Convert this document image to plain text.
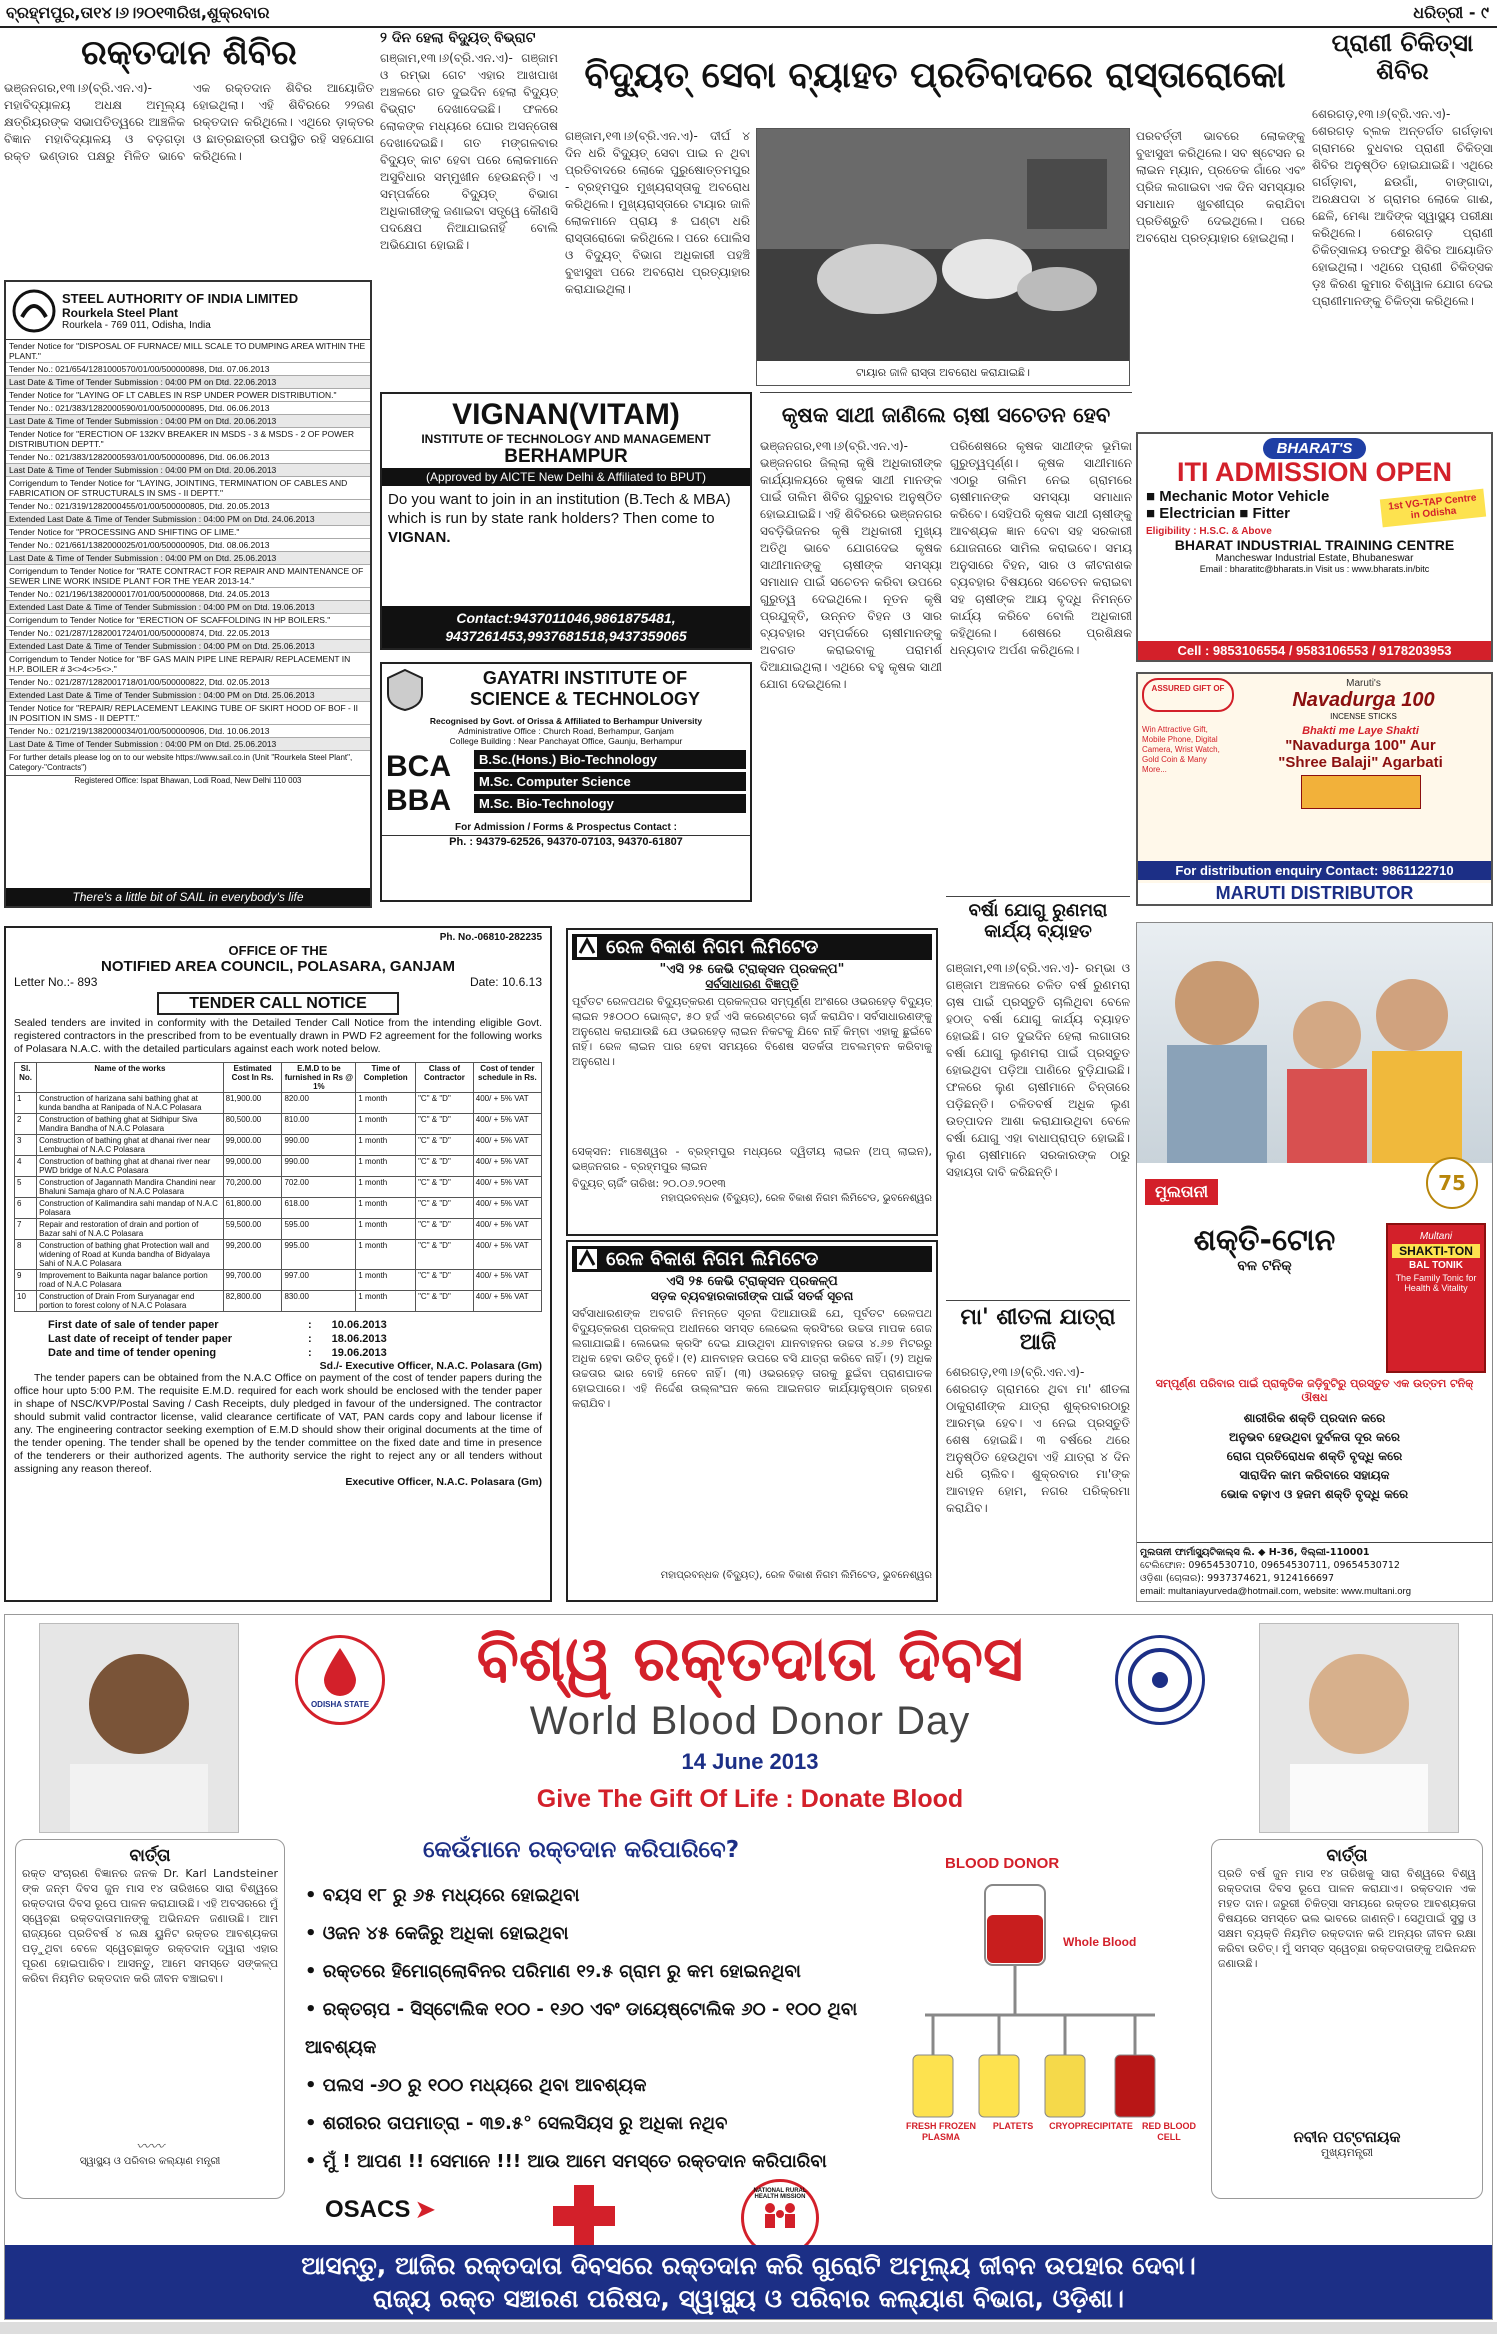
ବ୍ରହ୍ମପୁର,ତା୧୪।୬।୨୦୧୩ରିଖ,ଶୁକ୍ରବାର	ଧରିତ୍ରୀ - ୯
ରକ୍ତଦାନ ଶିବିର
ଭଞ୍ଜନଗର,୧୩।୬(ବ୍ରି.ଏନ.ଏ)- ମହାବିଦ୍ୟାଳୟ ଅଧକ୍ଷ ଅମୂଲ୍ୟ କ୍ଷତ୍ରିୟରଙ୍କ ସଭାପତିତ୍ୱରେ ଆଞ୍ଚଳିକ ବିଜ୍ଞାନ ମହାବିଦ୍ୟାଳୟ ଓ ବଡ଼ଗଡ଼ା ରକ୍ତ ଭଣ୍ଡାର ପକ୍ଷରୁ ମିଳିତ ଭାବେ ଏକ ରକ୍ତଦାନ ଶିବିର ଆୟୋଜିତ ହୋଇଥିଲା। ଏହି ଶିବିରରେ ୨୨ଜଣ ରକ୍ତଦାନ କରିଥିଲେ। ଏଥିରେ ଡ଼ାକ୍ତର ଓ ଛାତ୍ରଛାତ୍ରୀ ଉପସ୍ଥିତ ରହି ସହଯୋଗ କରିଥିଲେ।
STEEL AUTHORITY OF INDIA LIMITED
Rourkela Steel Plant
Rourkela - 769 011, Odisha, India
Tender Notice for "DISPOSAL OF FURNACE/ MILL SCALE TO DUMPING AREA WITHIN THE PLANT."
Tender No.: 021/654/1281000570/01/00/500000898, Dtd. 07.06.2013
Last Date & Time of Tender Submission : 04:00 PM on Dtd. 22.06.2013
Tender Notice for "LAYING OF LT CABLES IN RSP UNDER POWER DISTRIBUTION."
Tender No.: 021/383/1282000590/01/00/500000895, Dtd. 06.06.2013
Last Date & Time of Tender Submission : 04:00 PM on Dtd. 20.06.2013
Tender Notice for "ERECTION OF 132KV BREAKER IN MSDS - 3 & MSDS - 2 OF POWER DISTRIBUTION DEPTT."
Tender No.: 021/383/1282000593/01/00/500000896, Dtd. 06.06.2013
Last Date & Time of Tender Submission : 04:00 PM on Dtd. 20.06.2013
Corrigendum to Tender Notice for "LAYING, JOINTING, TERMINATION OF CABLES AND FABRICATION OF STRUCTURALS IN SMS - II DEPTT."
Tender No.: 021/319/1282000455/01/00/500000805, Dtd. 20.05.2013
Extended Last Date & Time of Tender Submission : 04:00 PM on Dtd. 24.06.2013
Tender Notice for "PROCESSING AND SHIFTING OF LIME."
Tender No.: 021/661/1382000025/01/00/500000905, Dtd. 08.06.2013
Last Date & Time of Tender Submission : 04:00 PM on Dtd. 25.06.2013
Corrigendum to Tender Notice for "RATE CONTRACT FOR REPAIR AND MAINTENANCE OF SEWER LINE WORK INSIDE PLANT FOR THE YEAR 2013-14."
Tender No.: 021/196/1382000017/01/00/500000868, Dtd. 24.05.2013
Extended Last Date & Time of Tender Submission : 04:00 PM on Dtd. 19.06.2013
Corrigendum to Tender Notice for "ERECTION OF SCAFFOLDING IN HP BOILERS."
Tender No.: 021/287/1282001724/01/00/500000874, Dtd. 22.05.2013
Extended Last Date & Time of Tender Submission : 04:00 PM on Dtd. 25.06.2013
Corrigendum to Tender Notice for "BF GAS MAIN PIPE LINE REPAIR/ REPLACEMENT IN H.P. BOILER # 3<>4<>5<>."
Tender No.: 021/287/1282001718/01/00/500000822, Dtd. 02.05.2013
Extended Last Date & Time of Tender Submission : 04:00 PM on Dtd. 25.06.2013
Tender Notice for "REPAIR/ REPLACEMENT LEAKING TUBE OF SKIRT HOOD OF BOF - II IN POSITION IN SMS - II DEPTT."
Tender No.: 021/219/1382000034/01/00/500000906, Dtd. 10.06.2013
Last Date & Time of Tender Submission : 04:00 PM on Dtd. 25.06.2013
For further details please log on to our website https://www.sail.co.in (Unit "Rourkela Steel Plant", Category-"Contracts")
Registered Office: Ispat Bhawan, Lodi Road, New Delhi 110 003
There's a little bit of SAIL in everybody's life
୨ ଦିନ ହେଲା ବିଦ୍ୟୁତ୍ ବିଭ୍ରାଟ
ଗଞ୍ଜାମ,୧୩।୬(ବ୍ରି.ଏନ.ଏ)- ଗଞ୍ଜାମ ଓ ରମ୍ଭା ଗେଟ ଏହାର ଆଖପାଖ ଅଞ୍ଚଳରେ ଗତ ଦୁଇଦିନ ହେଲା ବିଦ୍ୟୁତ୍ ବିଭ୍ରାଟ ଦେଖାଦେଇଛି। ଫଳରେ ଲୋକଙ୍କ ମଧ୍ୟରେ ଘୋର ଅସନ୍ତୋଷ ଦେଖାଦେଇଛି। ଗତ ମଙ୍ଗଳବାର ବିଦ୍ୟୁତ୍ କାଟ ହେବା ପରେ ଲୋକମାନେ ଅସୁବିଧାର ସମ୍ମୁଖୀନ ହେଉଛନ୍ତି। ଏ ସମ୍ପର୍କରେ ବିଦ୍ୟୁତ୍ ବିଭାଗ ଅଧିକାରୀଙ୍କୁ ଜଣାଇବା ସତ୍ତ୍ୱେ କୌଣସି ପଦକ୍ଷେପ ନିଆଯାଇନାହିଁ ବୋଲି ଅଭିଯୋଗ ହୋଇଛି।
ବିଦ୍ୟୁତ୍ ସେବା ବ୍ୟାହତ ପ୍ରତିବାଦରେ ରାସ୍ତାରୋକୋ
ଗଞ୍ଜାମ,୧୩।୬(ବ୍ରି.ଏନ.ଏ)- ଦୀର୍ଘ ୪ ଦିନ ଧରି ବିଦ୍ୟୁତ୍ ସେବା ପାଇ ନ ଥିବା ପ୍ରତିବାଦରେ ଲୋକେ ପୁରୁଷୋତ୍ତମପୁର - ବ୍ରହ୍ମପୁର ମୁଖ୍ୟରାସ୍ତାକୁ ଅବରୋଧ କରିଥିଲେ। ମୁଖ୍ୟରାସ୍ତାରେ ଟାୟାର ଜାଳି ଲୋକମାନେ ପ୍ରାୟ ୫ ଘଣ୍ଟା ଧରି ରାସ୍ତାରୋକୋ କରିଥିଲେ। ପରେ ପୋଲିସ ଓ ବିଦ୍ୟୁତ୍ ବିଭାଗ ଅଧିକାରୀ ପହଞ୍ଚି ବୁଝାସୁଝା ପରେ ଅବରୋଧ ପ୍ରତ୍ୟାହାର କରାଯାଇଥିଲା।
ଟାୟାର ଜାଳି ରାସ୍ତା ଅବରୋଧ କରାଯାଇଛି।
ପରବର୍ତ୍ତୀ ଭାବରେ ଲୋକଙ୍କୁ ବୁଝାସୁଝା କରିଥିଲେ। ସବ ଷ୍ଟେସନ ର ଲାଇନ ମ୍ୟାନ, ପ୍ରତେକ ଗାଁରେ ଏବଂ ପ୍ରିଜ ଲଗାଇବା ଏକ ଦିନ ସମସ୍ୟାର ସମାଧାନ ଖୁବଶୀଘ୍ର କରାଯିବା ପ୍ରତିଶ୍ରୁତି ଦେଇଥିଲେ। ପରେ ଅବରୋଧ ପ୍ରତ୍ୟାହାର ହୋଇଥିଲା।
ପ୍ରାଣୀ ଚିକିତ୍ସା ଶିବିର
ଶେରଗଡ଼,୧୩।୬(ବ୍ରି.ଏନ.ଏ)- ଶେରଗଡ଼ ବ୍ଲକ ଅନ୍ତର୍ଗତ ଗର୍ଗଡ଼ାବା ଗ୍ରାମରେ ବୁଧବାର ପ୍ରାଣୀ ଚିକିତ୍ସା ଶିବିର ଅନୁଷ୍ଠିତ ହୋଇଯାଇଛି। ଏଥିରେ ଗର୍ଗଡ଼ାବା, ଛଉଗାଁ, ବାଙ୍ଗାଦା, ଅରକ୍ଷପଦା ୪ ଗ୍ରାମର ଲୋକେ ଗାଈ, ଛେଳି, ମେଣ୍ଢା ଆଦିଙ୍କ ସ୍ୱାସ୍ଥ୍ୟ ପରୀକ୍ଷା କରିଥିଲେ। ଶେରଗଡ଼ ପ୍ରାଣୀ ଚିକିତ୍ସାଳୟ ତରଫରୁ ଶିବିର ଆୟୋଜିତ ହୋଇଥିଲା। ଏଥିରେ ପ୍ରାଣୀ ଚିକିତ୍ସକ ଡ଼ଃ କିରଣ କୁମାର ବିଶ୍ୱାଳ ଯୋଗ ଦେଇ ପ୍ରାଣୀମାନଙ୍କୁ ଚିକିତ୍ସା କରିଥିଲେ।
VIGNAN(VITAM)
INSTITUTE OF TECHNOLOGY AND MANAGEMENT
BERHAMPUR
(Approved by AICTE New Delhi & Affiliated to BPUT)
Do you want to join in an institution (B.Tech & MBA) which is run by state rank holders? Then come to VIGNAN.
Contact:9437011046,9861875481, 9437261453,9937681518,9437359065
GAYATRI INSTITUTE OF
SCIENCE & TECHNOLOGY
Recognised by Govt. of Orissa & Affiliated to Berhampur University
Administrative Office : Church Road, Berhampur, Ganjam
College Building : Near Panchayat Office, Gaunju, Berhampur
BCA
BBA
B.Sc.(Hons.) Bio-Technology
M.Sc. Computer Science
M.Sc. Bio-Technology
For Admission / Forms & Prospectus Contact :
Ph. : 94379-62526, 94370-07103, 94370-61807
କୃଷକ ସାଥୀ ଜାଣିଲେ ଚାଷୀ ସଚେତନ ହେବ
ଭଞ୍ଜନଗର,୧୩।୬(ବ୍ରି.ଏନ.ଏ)- ଭଞ୍ଜନଗର ଜିଲ୍ଲା କୃଷି ଅଧିକାରୀଙ୍କ କାର୍ଯ୍ୟାଳୟରେ କୃଷକ ସାଥୀ ମାନଙ୍କ ପାଇଁ ତାଲିମ ଶିବିର ଗୁରୁବାର ଅନୁଷ୍ଠିତ ହୋଇଯାଇଛି। ଏହି ଶିବିରରେ ଭଞ୍ଜନଗର ସବଡ଼ିଭିଜନର କୃଷି ଅଧିକାରୀ ମୁଖ୍ୟ ଅତିଥି ଭାବେ ଯୋଗଦେଇ କୃଷକ ସାଥୀମାନଙ୍କୁ ଚାଷୀଙ୍କ ସମସ୍ୟା ସମାଧାନ ପାଇଁ ସଚେତନ କରିବା ଉପରେ ଗୁରୁତ୍ୱ ଦେଇଥିଲେ। ନୂତନ କୃଷି ପ୍ରଯୁକ୍ତି, ଉନ୍ନତ ବିହନ ଓ ସାର ବ୍ୟବହାର ସମ୍ପର୍କରେ ଚାଷୀମାନଙ୍କୁ ଅବଗତ କରାଇବାକୁ ପରାମର୍ଶ ଦିଆଯାଇଥିଲା। ଏଥିରେ ବହୁ କୃଷକ ସାଥୀ ଯୋଗ ଦେଇଥିଲେ।
ପରିଶେଷରେ କୃଷକ ସାଥୀଙ୍କ ଭୂମିକା ଗୁରୁତ୍ୱପୂର୍ଣ୍ଣ। କୃଷକ ସାଥୀମାନେ ଏଠାରୁ ତାଲିମ ନେଇ ଗ୍ରାମରେ ଚାଷୀମାନଙ୍କ ସମସ୍ୟା ସମାଧାନ କରିବେ। ସେହିପରି କୃଷକ ସାଥୀ ଚାଷୀଙ୍କୁ ଆବଶ୍ୟକ ଜ୍ଞାନ ଦେବା ସହ ସରକାରୀ ଯୋଜନାରେ ସାମିଲ କରାଇବେ। ସମୟ ଅନୁସାରେ ବିହନ, ସାର ଓ କୀଟନାଶକ ବ୍ୟବହାର ବିଷୟରେ ସଚେତନ କରାଇବା ସହ ଚାଷୀଙ୍କ ଆୟ ବୃଦ୍ଧି ନିମନ୍ତେ କାର୍ଯ୍ୟ କରିବେ ବୋଲି ଅଧିକାରୀ କହିଥିଲେ। ଶେଷରେ ପ୍ରଶିକ୍ଷକ ଧନ୍ୟବାଦ ଅର୍ପଣ କରିଥିଲେ।
BHARAT'S
ITI ADMISSION OPEN
■ Mechanic Motor Vehicle
■ Electrician ■ Fitter
1st VG-TAP Centre in Odisha
Eligibility : H.S.C. & Above
BHARAT INDUSTRIAL TRAINING CENTRE
Mancheswar Industrial Estate, Bhubaneswar
Email : bharatitc@bharats.in Visit us : www.bharats.in/bitc
Cell : 9853106554 / 9583106553 / 9178203953
ASSURED GIFT OF	Maruti's
Navadurga 100
INCENSE STICKS
Win Attractive Gift, Mobile Phone, Digital Camera, Wrist Watch, Gold Coin & Many More...
Bhakti me Laye Shakti
"Navadurga 100" Aur
"Shree Balaji" Agarbati
For distribution enquiry Contact: 9861122710
MARUTI DISTRIBUTOR
Ph. No.-06810-282235
OFFICE OF THE
NOTIFIED AREA COUNCIL, POLASARA, GANJAM
Letter No.:- 893	Date: 10.6.13
TENDER CALL NOTICE
Sealed tenders are invited in conformity with the Detailed Tender Call Notice from the intending eligible Govt. registered contractors in the prescribed from to be eventually drawn in PWD F2 agreement for the following works of Polasara N.A.C. with the detailed particulars against each work noted below.
Sl. No.	Name of the works	Estimated Cost In Rs.	E.M.D to be furnished in Rs @ 1%	Time of Completion	Class of Contractor	Cost of tender schedule in Rs.
1	Construction of harizana sahi bathing ghat at kunda bandha at Ranipada of N.A.C Polasara	81,900.00	820.00	1 month	"C" & "D"	400/ + 5% VAT
2	Construction of bathing ghat at Sidhipur Siva Mandira Bandha of N.A.C Polasara	80,500.00	810.00	1 month	"C" & "D"	400/ + 5% VAT
3	Construction of bathing ghat at dhanai river near Lembughai of N.A.C Polasara	99,000.00	990.00	1 month	"C" & "D"	400/ + 5% VAT
4	Construction of bathing ghat at dhanai river near PWD bridge of N.A.C Polasara	99,000.00	990.00	1 month	"C" & "D"	400/ + 5% VAT
5	Construction of Jagannath Mandira Chandini near Bhaluni Samaja gharo of N.A.C Polasara	70,200.00	702.00	1 month	"C" & "D"	400/ + 5% VAT
6	Construction of Kalimandira sahi mandap of N.A.C Polasara	61,800.00	618.00	1 month	"C" & "D"	400/ + 5% VAT
7	Repair and restoration of drain and portion of Bazar sahi of N.A.C Polasara	59,500.00	595.00	1 month	"C" & "D"	400/ + 5% VAT
8	Construction of bathing ghat Protection wall and widening of Road at Kunda bandha of Bidyalaya Sahi of N.A.C Polasara	99,200.00	995.00	1 month	"C" & "D"	400/ + 5% VAT
9	Improvement to Baikunta nagar balance portion road of N.A.C Polasara	99,700.00	997.00	1 month	"C" & "D"	400/ + 5% VAT
10	Construction of Drain From Suryanagar end portion to forest colony of N.A.C Polasara	82,800.00	830.00	1 month	"C" & "D"	400/ + 5% VAT
First date of sale of tender paper	: 10.06.2013
Last date of receipt of tender paper	: 18.06.2013
Date and time of tender opening	: 19.06.2013
Sd./- Executive Officer, N.A.C. Polasara (Gm)
The tender papers can be obtained from the N.A.C Office on payment of the cost of tender papers during the office hour upto 5:00 P.M. The requisite E.M.D. required for each work should be enclosed with the tender paper in shape of NSC/KVP/Postal Saving / Cash Receipts, duly pledged in favour of the undersigned. The contractor should submit valid contractor license, valid clearance certificate of VAT, PAN cards copy and labour license if any. The engineering contractor seeking exemption of E.M.D should show their original documents at the time of the tender opening. The tender shall be opened by the tender committee on the fixed date and time in presence of the tenderers or their authorized agents. The authority service the right to reject any or all tenders without assigning any reason thereof.
Executive Officer, N.A.C. Polasara (Gm)
ରେଳ ବିକାଶ ନିଗମ ଲିମିଟେଡ
"ଏସି ୨୫ କେଭି ଟ୍ରାକ୍ସନ ପ୍ରକଳ୍ପ"
ସର୍ବସାଧାରଣ ବିଜ୍ଞପ୍ତି
ପୂର୍ବତଟ ରେଳପଥର ବିଦ୍ୟୁତ୍କରଣ ପ୍ରକଳ୍ପର ସମ୍ପୂର୍ଣ୍ଣ ଅଂଶରେ ଓଭରହେଡ଼ ବିଦ୍ୟୁତ୍ ଲାଇନ ୨୫୦୦୦ ଭୋଲ୍ଟ, ୫୦ ହର୍ଜ ଏସି କରେଣ୍ଟରେ ଚାର୍ଜ କରାଯିବ। ସର୍ବସାଧାରଣଙ୍କୁ ଅନୁରୋଧ କରାଯାଉଛି ଯେ ଓଭରହେଡ଼ ଲାଇନ ନିକଟକୁ ଯିବେ ନାହିଁ କିମ୍ବା ଏହାକୁ ଛୁଇଁବେ ନାହିଁ। ରେଳ ଲାଇନ ପାର ହେବା ସମୟରେ ବିଶେଷ ସତର୍କତା ଅବଲମ୍ବନ କରିବାକୁ ଅନୁରୋଧ।
ସେକ୍ସନ: ମାଞ୍ଚେଶ୍ୱର - ବ୍ରହ୍ମପୁର ମଧ୍ୟରେ ଦ୍ୱିତୀୟ ଲାଇନ (ଅପ୍ ଲାଇନ), ଭଞ୍ଜନଗର - ବ୍ରହ୍ମପୁର ଲାଇନ
ବିଦ୍ୟୁତ୍ ଚାର୍ଜିଂ ତାରିଖ: ୨୦.୦୬.୨୦୧୩
ମହାପ୍ରବନ୍ଧକ (ବିଦ୍ୟୁତ୍), ରେଳ ବିକାଶ ନିଗମ ଲିମିଟେଡ, ଭୁବନେଶ୍ୱର
ରେଳ ବିକାଶ ନିଗମ ଲିମିଟେଡ
ଏସି ୨୫ କେଭି ଟ୍ରାକ୍ସନ ପ୍ରକଳ୍ପ
ସଡ଼କ ବ୍ୟବହାରକାରୀଙ୍କ ପାଇଁ ସତର୍କ ସୂଚନା
ସର୍ବସାଧାରଣଙ୍କ ଅବଗତି ନିମନ୍ତେ ସୂଚନା ଦିଆଯାଉଛି ଯେ, ପୂର୍ବତଟ ରେଳପଥ ବିଦ୍ୟୁତ୍କରଣ ପ୍ରକଳ୍ପ ଅଧୀନରେ ସମସ୍ତ ଲେଭେଲ କ୍ରସିଂରେ ଉଚ୍ଚତା ମାପକ ଗେଜ ଲଗାଯାଇଛି। ଲେଭେଲ କ୍ରସିଂ ଦେଇ ଯାଉଥିବା ଯାନବାହନର ଉଚ୍ଚତା ୪.୬୭ ମିଟରରୁ ଅଧିକ ହେବା ଉଚିତ୍ ନୁହେଁ। (୧) ଯାନବାହନ ଉପରେ ବସି ଯାତ୍ରା କରିବେ ନାହିଁ। (୨) ଅଧିକ ଉଚ୍ଚତାର ଭାର ବୋହି ନେବେ ନାହିଁ। (୩) ଓଭରହେଡ଼ ତାରକୁ ଛୁଇଁବା ପ୍ରାଣଘାତକ ହୋଇପାରେ। ଏହି ନିର୍ଦ୍ଦେଶ ଉଲ୍ଲଂଘନ କଲେ ଆଇନଗତ କାର୍ଯ୍ୟାନୁଷ୍ଠାନ ଗ୍ରହଣ କରାଯିବ।
ମହାପ୍ରବନ୍ଧକ (ବିଦ୍ୟୁତ୍), ରେଳ ବିକାଶ ନିଗମ ଲିମିଟେଡ, ଭୁବନେଶ୍ୱର
ବର୍ଷା ଯୋଗୁ ରୁଣମରା କାର୍ଯ୍ୟ ବ୍ୟାହତ
ଗଞ୍ଜାମ,୧୩।୬(ବ୍ରି.ଏନ.ଏ)- ରମ୍ଭା ଓ ଗଞ୍ଜାମ ଅଞ୍ଚଳରେ ଚଳିତ ବର୍ଷ ରୁଣମରା ଚାଷ ପାଇଁ ପ୍ରସ୍ତୁତି ଚାଲିଥିବା ବେଳେ ହଠାତ୍ ବର୍ଷା ଯୋଗୁ କାର୍ଯ୍ୟ ବ୍ୟାହତ ହୋଇଛି। ଗତ ଦୁଇଦିନ ହେଲା ଲଗାତାର ବର୍ଷା ଯୋଗୁ ଲୁଣମରା ପାଇଁ ପ୍ରସ୍ତୁତ ହୋଇଥିବା ପଡ଼ିଆ ପାଣିରେ ବୁଡ଼ିଯାଇଛି। ଫଳରେ ଲୁଣ ଚାଷୀମାନେ ଚିନ୍ତାରେ ପଡ଼ିଛନ୍ତି। ଚଳିତବର୍ଷ ଅଧିକ ଲୁଣ ଉତ୍ପାଦନ ଆଶା କରାଯାଉଥିବା ବେଳେ ବର୍ଷା ଯୋଗୁ ଏହା ବାଧାପ୍ରାପ୍ତ ହୋଇଛି। ଲୁଣ ଚାଷୀମାନେ ସରକାରଙ୍କ ଠାରୁ ସହାୟତା ଦାବି କରିଛନ୍ତି।
ମା' ଶୀତଳା ଯାତ୍ରା ଆଜି
ଶେରଗଡ଼,୧୩।୬(ବ୍ରି.ଏନ.ଏ)- ଶେରଗଡ଼ ଗ୍ରାମରେ ଥିବା ମା' ଶୀତଳା ଠାକୁରାଣୀଙ୍କ ଯାତ୍ରା ଶୁକ୍ରବାରଠାରୁ ଆରମ୍ଭ ହେବ। ଏ ନେଇ ପ୍ରସ୍ତୁତି ଶେଷ ହୋଇଛି। ୩ ବର୍ଷରେ ଥରେ ଅନୁଷ୍ଠିତ ହେଉଥିବା ଏହି ଯାତ୍ରା ୪ ଦିନ ଧରି ଚାଲିବ। ଶୁକ୍ରବାର ମା'ଙ୍କ ଆବାହନ ହୋମ, ନଗର ପରିକ୍ରମା କରାଯିବ।
75
ମୁଲତାନୀ
ଶକ୍ତି-ଟୋନ
ବଳ ଟନିକ୍
Multani
SHAKTI-TON
BAL TONIK
The Family Tonic for Health & Vitality
ସମ୍ପୂର୍ଣ୍ଣ ପରିବାର ପାଇଁ ପ୍ରାକୃତିକ ଜଡ଼ିବୁଟିରୁ ପ୍ରସ୍ତୁତ ଏକ ଉତ୍ତମ ଟନିକ୍ ଔଷଧ
ଶାରୀରିକ ଶକ୍ତି ପ୍ରଦାନ କରେ
ଅନୁଭବ ହେଉଥିବା ଦୁର୍ବଳତା ଦୂର କରେ
ରୋଗ ପ୍ରତିରୋଧକ ଶକ୍ତି ବୃଦ୍ଧି କରେ
ସାରାଦିନ କାମ କରିବାରେ ସହାୟକ
ଭୋକ ବଢ଼ାଏ ଓ ହଜମ ଶକ୍ତି ବୃଦ୍ଧି କରେ
ମୁଲତାନୀ ଫାର୍ମାସ୍ୟୁଟିକାଲ୍ସ ଲି. ◆ H-36, ଦିଲ୍ଲୀ-110001
ଟେଲିଫୋନ: 09654530710, 09654530711, 09654530712
ଓଡ଼ିଶା (ଚୋଳାର): 9937374621, 9124166697
email: multaniayurveda@hotmail.com, website: www.multani.org
ODISHA STATE
ବିଶ୍ୱ ରକ୍ତଦାତା ଦିବସ
World Blood Donor Day
14 June 2013
Give The Gift Of Life : Donate Blood
ବାର୍ତ୍ତା
ରକ୍ତ ସଂଚାରଣ ବିଜ୍ଞାନର ଜନକ Dr. Karl Landsteiner ଙ୍କ ଜନ୍ମ ଦିବସ ଜୁନ ମାସ ୧୪ ତାରିଖରେ ସାରା ବିଶ୍ୱରେ ରକ୍ତଦାତା ଦିବସ ରୂପେ ପାଳନ କରାଯାଉଛି। ଏହି ଅବସରରେ ମୁଁ ସ୍ୱେଚ୍ଛା ରକ୍ତଦାତାମାନଙ୍କୁ ଅଭିନନ୍ଦନ ଜଣାଉଛି। ଆମ ରାଜ୍ୟରେ ପ୍ରତିବର୍ଷ ୪ ଲକ୍ଷ ୟୁନିଟ ରକ୍ତର ଆବଶ୍ୟକତା ପଡ଼ୁଥିବା ବେଳେ ସ୍ୱେଚ୍ଛାକୃତ ରକ୍ତଦାନ ଦ୍ୱାରା ଏହାର ପୂରଣ ହୋଇପାରିବ। ଆସନ୍ତୁ, ଆମେ ସମସ୍ତେ ସଙ୍କଳ୍ପ କରିବା ନିୟମିତ ରକ୍ତଦାନ କରି ଜୀବନ ବଞ୍ଚାଇବା।
〰〰
ସ୍ୱାସ୍ଥ୍ୟ ଓ ପରିବାର କଲ୍ୟାଣ ମନ୍ତ୍ରୀ
ବାର୍ତ୍ତା
ପ୍ରତି ବର୍ଷ ଜୁନ ମାସ ୧୪ ତାରିଖକୁ ସାରା ବିଶ୍ୱରେ ବିଶ୍ୱ ରକ୍ତଦାତା ଦିବସ ରୂପେ ପାଳନ କରାଯାଏ। ରକ୍ତଦାନ ଏକ ମହତ ଦାନ। ଜରୁରୀ ଚିକିତ୍ସା ସମୟରେ ରକ୍ତର ଆବଶ୍ୟକତା ବିଷୟରେ ସମସ୍ତେ ଭଲ ଭାବରେ ଜାଣନ୍ତି। ସେଥିପାଇଁ ସୁସ୍ଥ ଓ ସକ୍ଷମ ବ୍ୟକ୍ତି ନିୟମିତ ରକ୍ତଦାନ କରି ଅନ୍ୟର ଜୀବନ ରକ୍ଷା କରିବା ଉଚିତ୍। ମୁଁ ସମସ୍ତ ସ୍ୱେଚ୍ଛା ରକ୍ତଦାତାଙ୍କୁ ଅଭିନନ୍ଦନ ଜଣାଉଛି।
ନବୀନ ପଟ୍ଟନାୟକ
ମୁଖ୍ୟମନ୍ତ୍ରୀ
କେଉଁମାନେ ରକ୍ତଦାନ କରିପାରିବେ?
• ବୟସ ୧୮ ରୁ ୬୫ ମଧ୍ୟରେ ହୋଇଥିବା
• ଓଜନ ୪୫ କେଜିରୁ ଅଧିକା ହୋଇଥିବା
• ରକ୍ତରେ ହିମୋଗ୍ଲୋବିନର ପରିମାଣ ୧୨.୫ ଗ୍ରାମ ରୁ କମ ହୋଇନଥିବା
• ରକ୍ତଚାପ - ସିସ୍ଟୋଲିକ ୧୦୦ - ୧୬୦ ଏବଂ ଡାୟେଷ୍ଟୋଲିକ ୬୦ - ୧୦୦ ଥିବା ଆବଶ୍ୟକ
• ପଲସ -୬୦ ରୁ ୧୦୦ ମଧ୍ୟରେ ଥିବା ଆବଶ୍ୟକ
• ଶରୀରର ତାପମାତ୍ରା - ୩୭.୫° ସେଲସିୟସ ରୁ ଅଧିକା ନଥିବ
• ମୁଁ ! ଆପଣ !! ସେମାନେ !!! ଆଉ ଆମେ ସମସ୍ତେ ରକ୍ତଦାନ କରିପାରିବା
BLOOD DONOR
Whole Blood
FRESH FROZEN PLASMA
PLATETS	CRYOPRECIPITATE	RED BLOOD CELL
OSACS ➤
NATIONAL RURAL HEALTH MISSION
ଆସନ୍ତୁ, ଆଜିର ରକ୍ତଦାତା ଦିବସରେ ରକ୍ତଦାନ କରି ଗୁରୋଟି ଅମୂଲ୍ୟ ଜୀବନ ଉପହାର ଦେବା।
ରାଜ୍ୟ ରକ୍ତ ସଞ୍ଚାରଣ ପରିଷଦ, ସ୍ୱାସ୍ଥ୍ୟ ଓ ପରିବାର କଲ୍ୟାଣ ବିଭାଗ, ଓଡ଼ିଶା।
